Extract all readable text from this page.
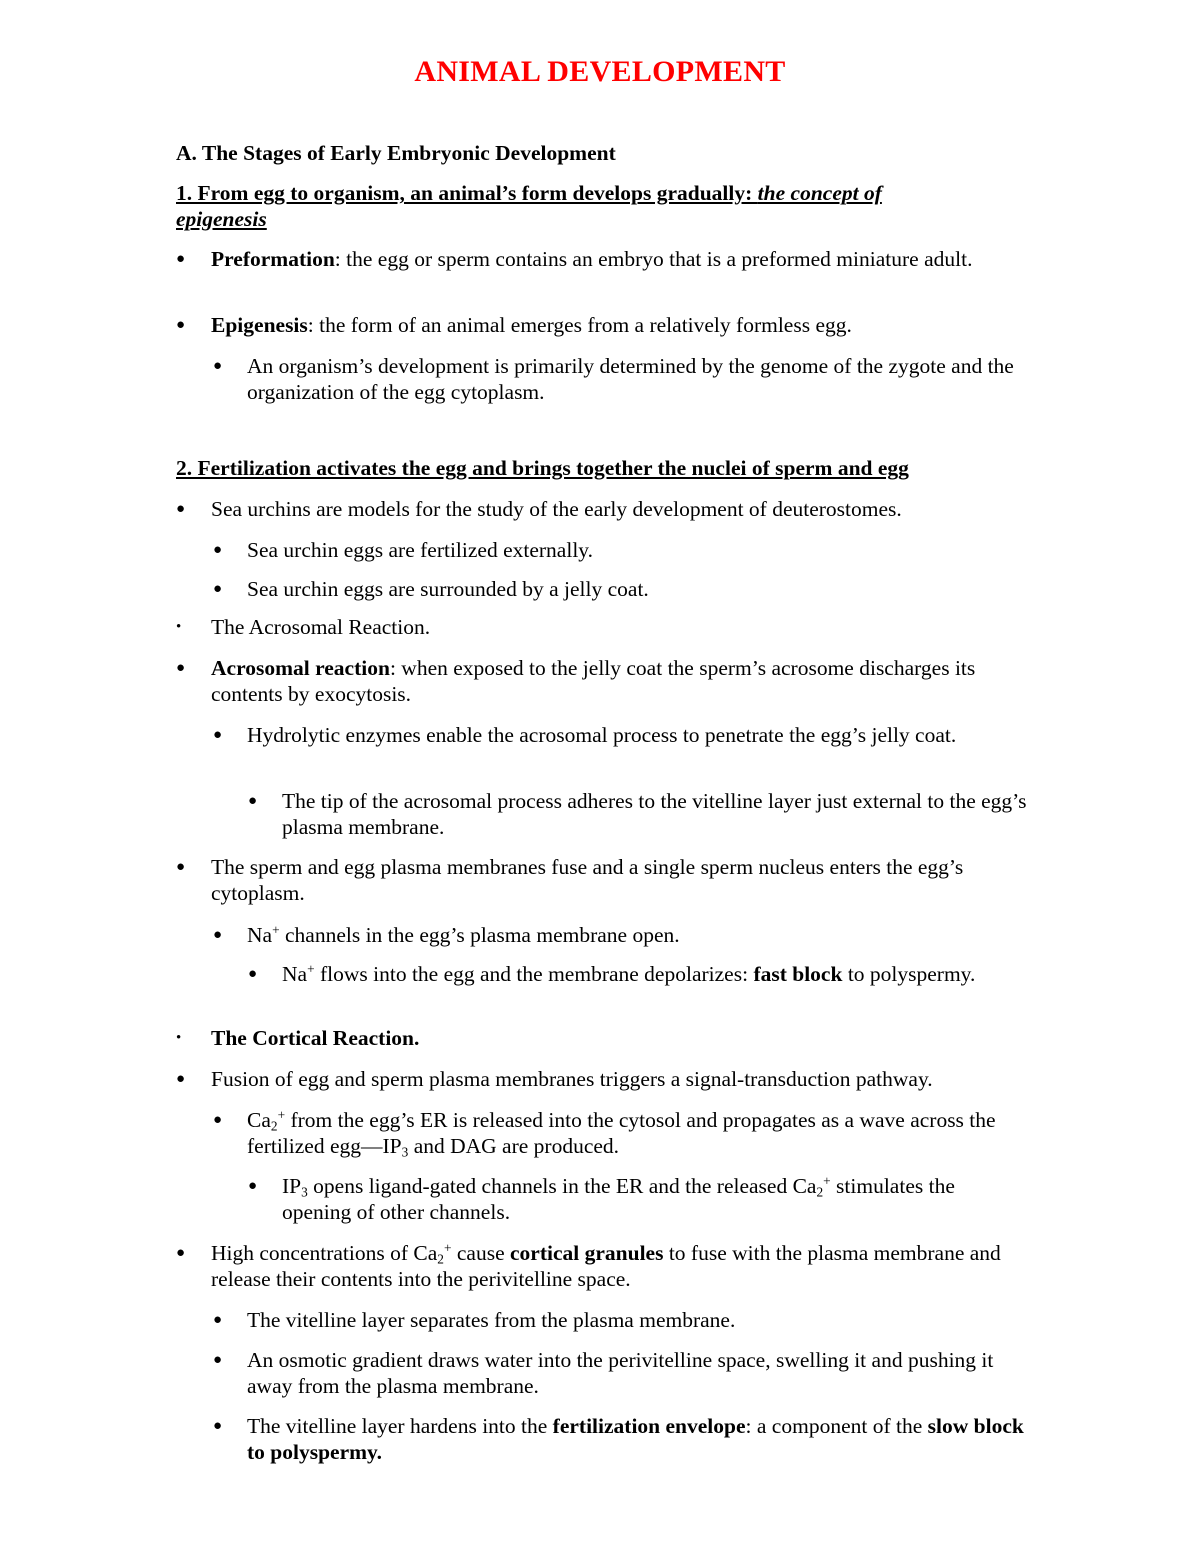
ANIMAL DEVELOPMENT
A. The Stages of Early Embryonic Development
1. From egg to organism, an animal’s form develops gradually: the concept of epigenesis
● Preformation: the egg or sperm contains an embryo that is a preformed miniature adult.
● Epigenesis: the form of an animal emerges from a relatively formless egg.
● An organism’s development is primarily determined by the genome of the zygote and the organization of the egg cytoplasm.
2. Fertilization activates the egg and brings together the nuclei of sperm and egg
● Sea urchins are models for the study of the early development of deuterostomes.
● Sea urchin eggs are fertilized externally.
● Sea urchin eggs are surrounded by a jelly coat.
• The Acrosomal Reaction.
● Acrosomal reaction: when exposed to the jelly coat the sperm’s acrosome discharges its contents by exocytosis.
● Hydrolytic enzymes enable the acrosomal process to penetrate the egg’s jelly coat.
● The tip of the acrosomal process adheres to the vitelline layer just external to the egg’s plasma membrane.
● The sperm and egg plasma membranes fuse and a single sperm nucleus enters the egg’s cytoplasm.
● Na+ channels in the egg’s plasma membrane open.
● Na+ flows into the egg and the membrane depolarizes: fast block to polyspermy.
• The Cortical Reaction.
● Fusion of egg and sperm plasma membranes triggers a signal-transduction pathway.
● $Ca_2^+$ from the egg’s ER is released into the cytosol and propagates as a wave across the fertilized $egg—IP_3$ and DAG are produced.
● $IP_3$ opens ligand-gated channels in the ER and the released $Ca_2^+$ stimulates the opening of other channels.
● High concentrations of $Ca_2^+$ cause cortical granules to fuse with the plasma membrane and release their contents into the perivitelline space.
● The vitelline layer separates from the plasma membrane.
● An osmotic gradient draws water into the perivitelline space, swelling it and pushing it away from the plasma membrane.
● The vitelline layer hardens into the fertilization envelope: a component of the slow block to polyspermy.
